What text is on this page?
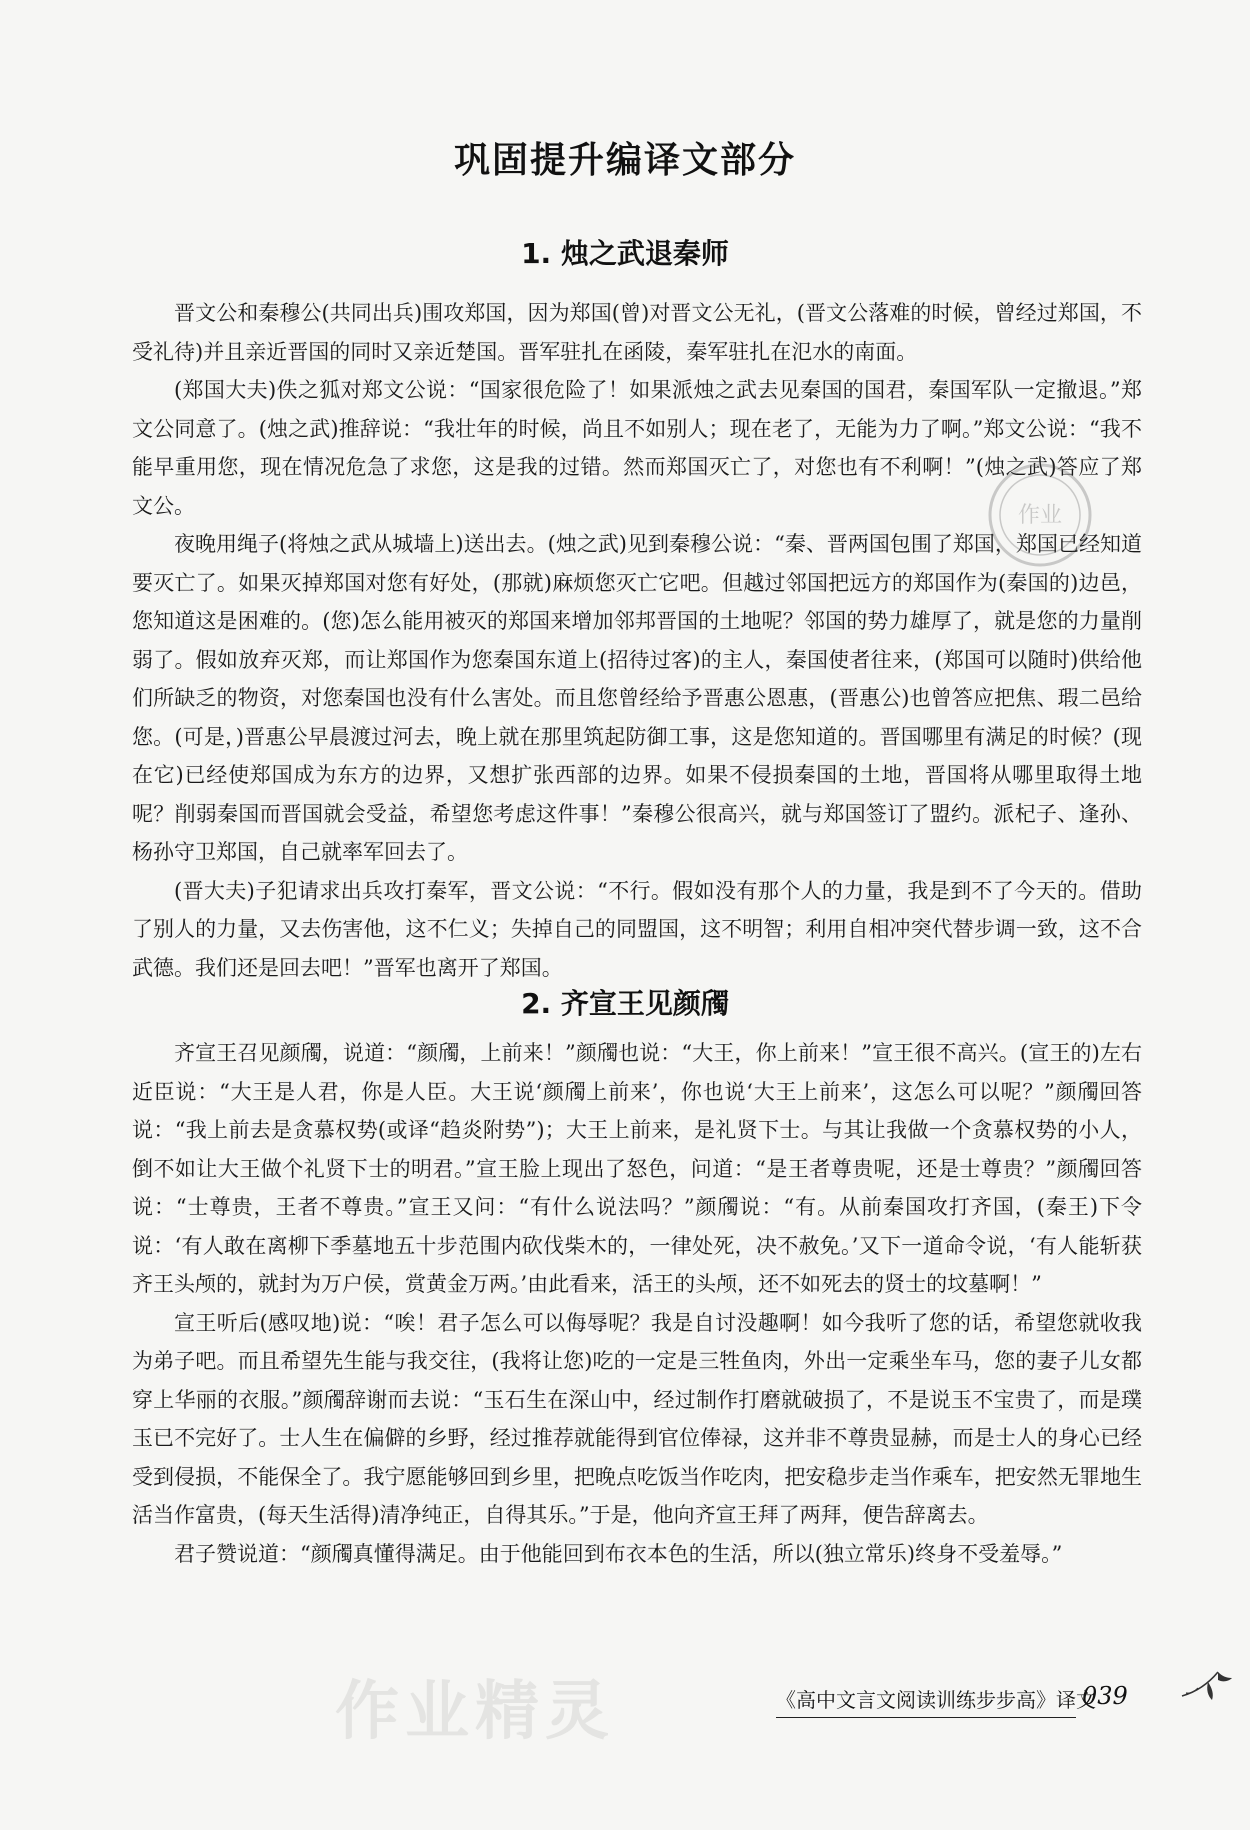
巩固提升编译文部分
1. 烛之武退秦师

晋文公和秦穆公(共同出兵)围攻郑国，因为郑国(曾)对晋文公无礼，(晋文公落难的时候，曾经过郑国，不受礼待)并且亲近晋国的同时又亲近楚国。晋军驻扎在函陵，秦军驻扎在氾水的南面。

(郑国大夫)佚之狐对郑文公说：“国家很危险了！如果派烛之武去见秦国的国君，秦国军队一定撤退。”郑文公同意了。(烛之武)推辞说：“我壮年的时候，尚且不如别人；现在老了，无能为力了啊。”郑文公说：“我不能早重用您，现在情况危急了求您，这是我的过错。然而郑国灭亡了，对您也有不利啊！”(烛之武)答应了郑文公。

夜晚用绳子(将烛之武从城墙上)送出去。(烛之武)见到秦穆公说：“秦、晋两国包围了郑国，郑国已经知道要灭亡了。如果灭掉郑国对您有好处，(那就)麻烦您灭亡它吧。但越过邻国把远方的郑国作为(秦国的)边邑，您知道这是困难的。(您)怎么能用被灭的郑国来增加邻邦晋国的土地呢？邻国的势力雄厚了，就是您的力量削弱了。假如放弃灭郑，而让郑国作为您秦国东道上(招待过客)的主人，秦国使者往来，(郑国可以随时)供给他们所缺乏的物资，对您秦国也没有什么害处。而且您曾经给予晋惠公恩惠，(晋惠公)也曾答应把焦、瑕二邑给您。(可是，)晋惠公早晨渡过河去，晚上就在那里筑起防御工事，这是您知道的。晋国哪里有满足的时候？(现在它)已经使郑国成为东方的边界，又想扩张西部的边界。如果不侵损秦国的土地，晋国将从哪里取得土地呢？削弱秦国而晋国就会受益，希望您考虑这件事！”秦穆公很高兴，就与郑国签订了盟约。派杞子、逢孙、杨孙守卫郑国，自己就率军回去了。

(晋大夫)子犯请求出兵攻打秦军，晋文公说：“不行。假如没有那个人的力量，我是到不了今天的。借助了别人的力量，又去伤害他，这不仁义；失掉自己的同盟国，这不明智；利用自相冲突代替步调一致，这不合武德。我们还是回去吧！”晋军也离开了郑国。

2. 齐宣王见颜斶

齐宣王召见颜斶，说道：“颜斶，上前来！”颜斶也说：“大王，你上前来！”宣王很不高兴。(宣王的)左右近臣说：“大王是人君，你是人臣。大王说‘颜斶上前来’，你也说‘大王上前来’，这怎么可以呢？”颜斶回答说：“我上前去是贪慕权势(或译“趋炎附势”)；大王上前来，是礼贤下士。与其让我做一个贪慕权势的小人，倒不如让大王做个礼贤下士的明君。”宣王脸上现出了怒色，问道：“是王者尊贵呢，还是士尊贵？”颜斶回答说：“士尊贵，王者不尊贵。”宣王又问：“有什么说法吗？”颜斶说：“有。从前秦国攻打齐国，(秦王)下令说：‘有人敢在离柳下季墓地五十步范围内砍伐柴木的，一律处死，决不赦免。’又下一道命令说，‘有人能斩获齐王头颅的，就封为万户侯，赏黄金万两。’由此看来，活王的头颅，还不如死去的贤士的坟墓啊！”

宣王听后(感叹地)说：“唉！君子怎么可以侮辱呢？我是自讨没趣啊！如今我听了您的话，希望您就收我为弟子吧。而且希望先生能与我交往，(我将让您)吃的一定是三牲鱼肉，外出一定乘坐车马，您的妻子儿女都穿上华丽的衣服。”颜斶辞谢而去说：“玉石生在深山中，经过制作打磨就破损了，不是说玉不宝贵了，而是璞玉已不完好了。士人生在偏僻的乡野，经过推荐就能得到官位俸禄，这并非不尊贵显赫，而是士人的身心已经受到侵损，不能保全了。我宁愿能够回到乡里，把晚点吃饭当作吃肉，把安稳步走当作乘车，把安然无罪地生活当作富贵，(每天生活得)清净纯正，自得其乐。”于是，他向齐宣王拜了两拜，便告辞离去。

君子赞说道：“颜斶真懂得满足。由于他能回到布衣本色的生活，所以(独立常乐)终身不受羞辱。”

作业
作业精灵	《高中文言文阅读训练步步高》译文
039
